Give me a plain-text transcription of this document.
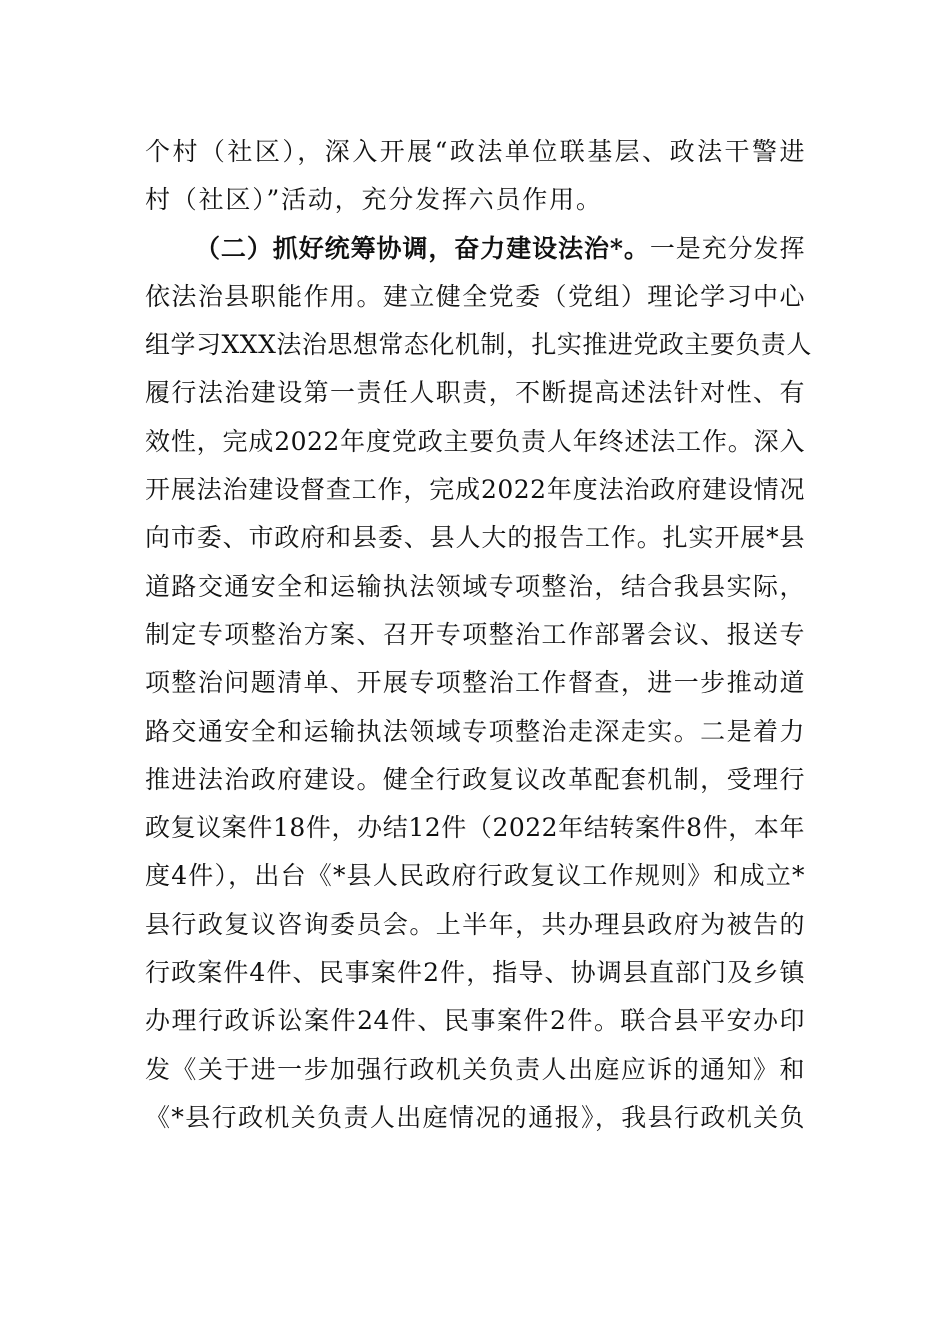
个村（社区），深入开展“政法单位联基层、政法干警进
村（社区）”活动，充分发挥六员作用。
（二）抓好统筹协调，奋力建设法治*。一是充分发挥
依法治县职能作用。建立健全党委（党组）理论学习中心
组学习XXX法治思想常态化机制，扎实推进党政主要负责人
履行法治建设第一责任人职责，不断提高述法针对性、有
效性，完成2022年度党政主要负责人年终述法工作。深入
开展法治建设督查工作，完成2022年度法治政府建设情况
向市委、市政府和县委、县人大的报告工作。扎实开展*县
道路交通安全和运输执法领域专项整治，结合我县实际，
制定专项整治方案、召开专项整治工作部署会议、报送专
项整治问题清单、开展专项整治工作督查，进一步推动道
路交通安全和运输执法领域专项整治走深走实。二是着力
推进法治政府建设。健全行政复议改革配套机制，受理行
政复议案件18件，办结12件（2022年结转案件8件，本年
度4件），出台《*县人民政府行政复议工作规则》和成立*
县行政复议咨询委员会。上半年，共办理县政府为被告的
行政案件4件、民事案件2件，指导、协调县直部门及乡镇
办理行政诉讼案件24件、民事案件2件。联合县平安办印
发《关于进一步加强行政机关负责人出庭应诉的通知》和
《*县行政机关负责人出庭情况的通报》，我县行政机关负
